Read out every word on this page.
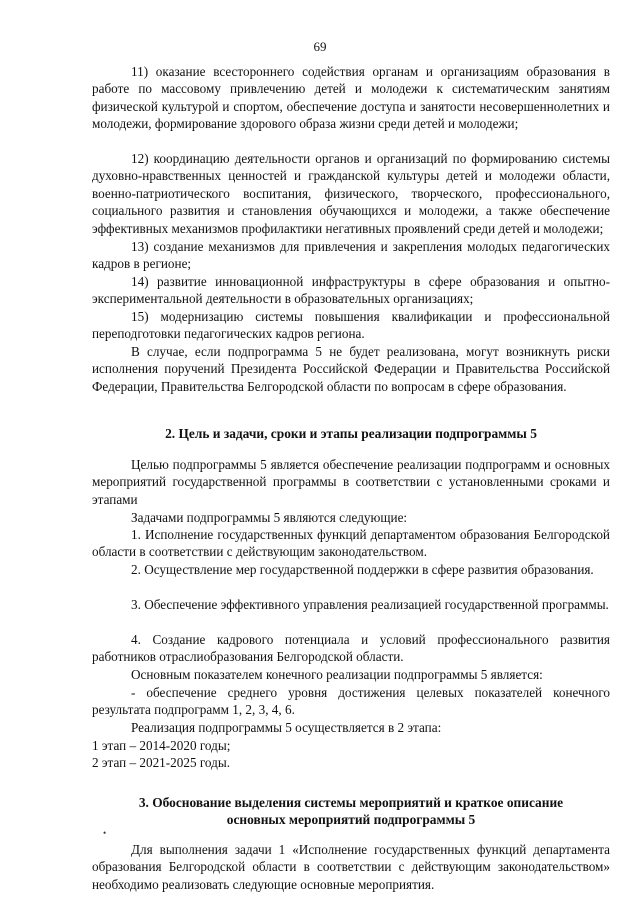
69

11) оказание всестороннего содействия органам и организациям образования в работе по массовому привлечению детей и молодежи к систематическим занятиям физической культурой и спортом, обеспечение доступа и занятости несовершеннолетних и молодежи, формирование здорового образа жизни среди детей и молодежи;

12) координацию деятельности органов и организаций по формированию системы духовно-нравственных ценностей и гражданской культуры детей и молодежи области, военно-патриотического воспитания, физического, творческого, профессионального, социального развития и становления обучающихся и молодежи, а также обеспечение эффективных механизмов профилактики негативных проявлений среди детей и молодежи;

13) создание механизмов для привлечения и закрепления молодых педагогических кадров в регионе;

14) развитие инновационной инфраструктуры в сфере образования и опытно-экспериментальной деятельности в образовательных организациях;

15) модернизацию системы повышения квалификации и профессиональной переподготовки педагогических кадров региона.

В случае, если подпрограмма 5 не будет реализована, могут возникнуть риски исполнения поручений Президента Российской Федерации и Правительства Российской Федерации, Правительства Белгородской области по вопросам в сфере образования.

2. Цель и задачи, сроки и этапы реализации подпрограммы 5

Целью подпрограммы 5 является обеспечение реализации подпрограмм и основных мероприятий государственной программы в соответствии с установленными сроками и этапами

Задачами подпрограммы 5 являются следующие:

1. Исполнение государственных функций департаментом образования Белгородской области в соответствии с действующим законодательством.

2. Осуществление мер государственной поддержки в сфере развития образования.

3. Обеспечение эффективного управления реализацией государственной программы.

4. Создание кадрового потенциала и условий профессионального развития работников отраслиобразования Белгородской области.

Основным показателем конечного реализации подпрограммы 5 является:

- обеспечение среднего уровня достижения целевых показателей конечного результата подпрограмм 1, 2, 3, 4, 6.

Реализация подпрограммы 5 осуществляется в 2 этапа:

1 этап – 2014-2020 годы;

2 этап – 2021-2025 годы.

3. Обоснование выделения системы мероприятий и краткое описание
основных мероприятий подпрограммы 5
•

Для выполнения задачи 1 «Исполнение государственных функций департамента образования Белгородской области в соответствии с действующим законодательством» необходимо реализовать следующие основные мероприятия.
